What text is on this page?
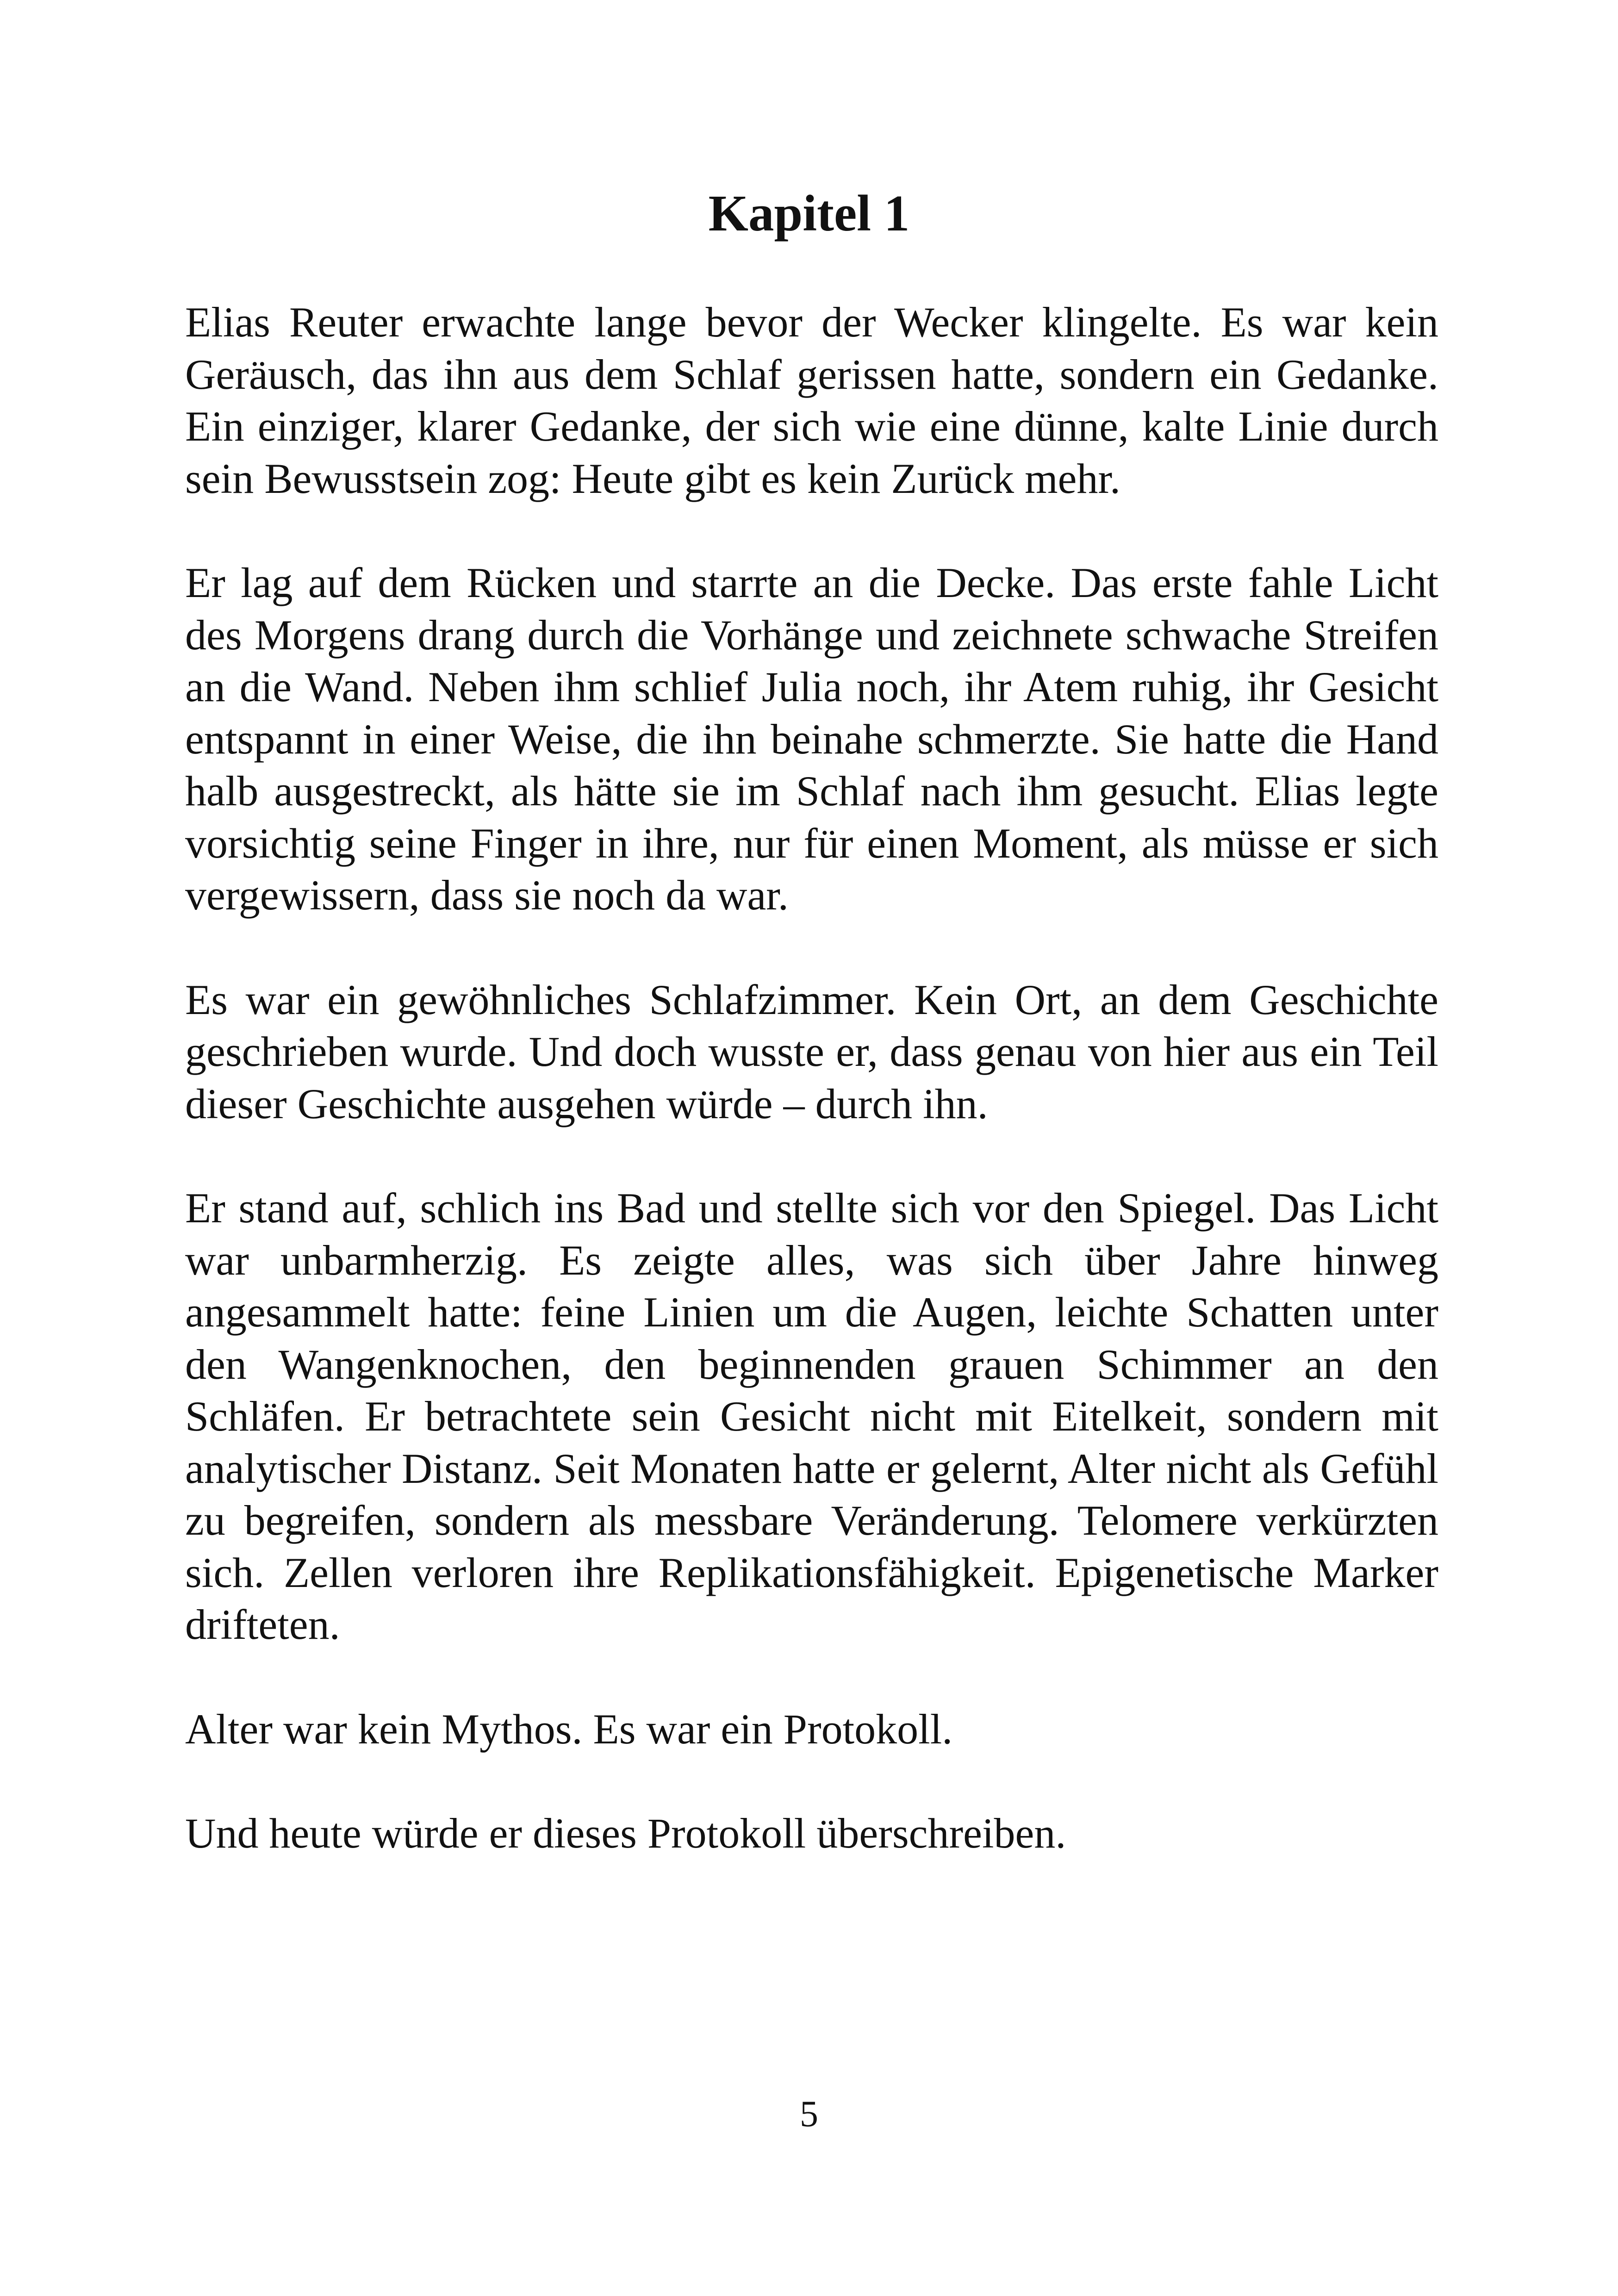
Kapitel 1

Elias Reuter erwachte lange bevor der Wecker klingelte. Es war kein Geräusch, das ihn aus dem Schlaf gerissen hatte, sondern ein Gedanke. Ein einziger, klarer Gedanke, der sich wie eine dünne, kalte Linie durch sein Bewusstsein zog: Heute gibt es kein Zurück mehr.

Er lag auf dem Rücken und starrte an die Decke. Das erste fahle Licht des Morgens drang durch die Vorhänge und zeichnete schwache Streifen an die Wand. Neben ihm schlief Julia noch, ihr Atem ruhig, ihr Gesicht entspannt in einer Weise, die ihn beinahe schmerzte. Sie hatte die Hand halb ausgestreckt, als hätte sie im Schlaf nach ihm gesucht. Elias legte vorsichtig seine Finger in ihre, nur für einen Moment, als müsse er sich vergewissern, dass sie noch da war.

Es war ein gewöhnliches Schlafzimmer. Kein Ort, an dem Geschichte geschrieben wurde. Und doch wusste er, dass genau von hier aus ein Teil dieser Geschichte ausgehen würde – durch ihn.

Er stand auf, schlich ins Bad und stellte sich vor den Spiegel. Das Licht war unbarmherzig. Es zeigte alles, was sich über Jahre hinweg angesammelt hatte: feine Linien um die Augen, leichte Schatten unter den Wangenknochen, den beginnenden grauen Schimmer an den Schläfen. Er betrachtete sein Gesicht nicht mit Eitelkeit, sondern mit analytischer Distanz. Seit Monaten hatte er gelernt, Alter nicht als Gefühl zu begreifen, sondern als messbare Veränderung. Telomere verkürzten sich. Zellen verloren ihre Replikationsfähigkeit. Epigenetische Marker drifteten.

Alter war kein Mythos. Es war ein Protokoll.

Und heute würde er dieses Protokoll überschreiben.

5
